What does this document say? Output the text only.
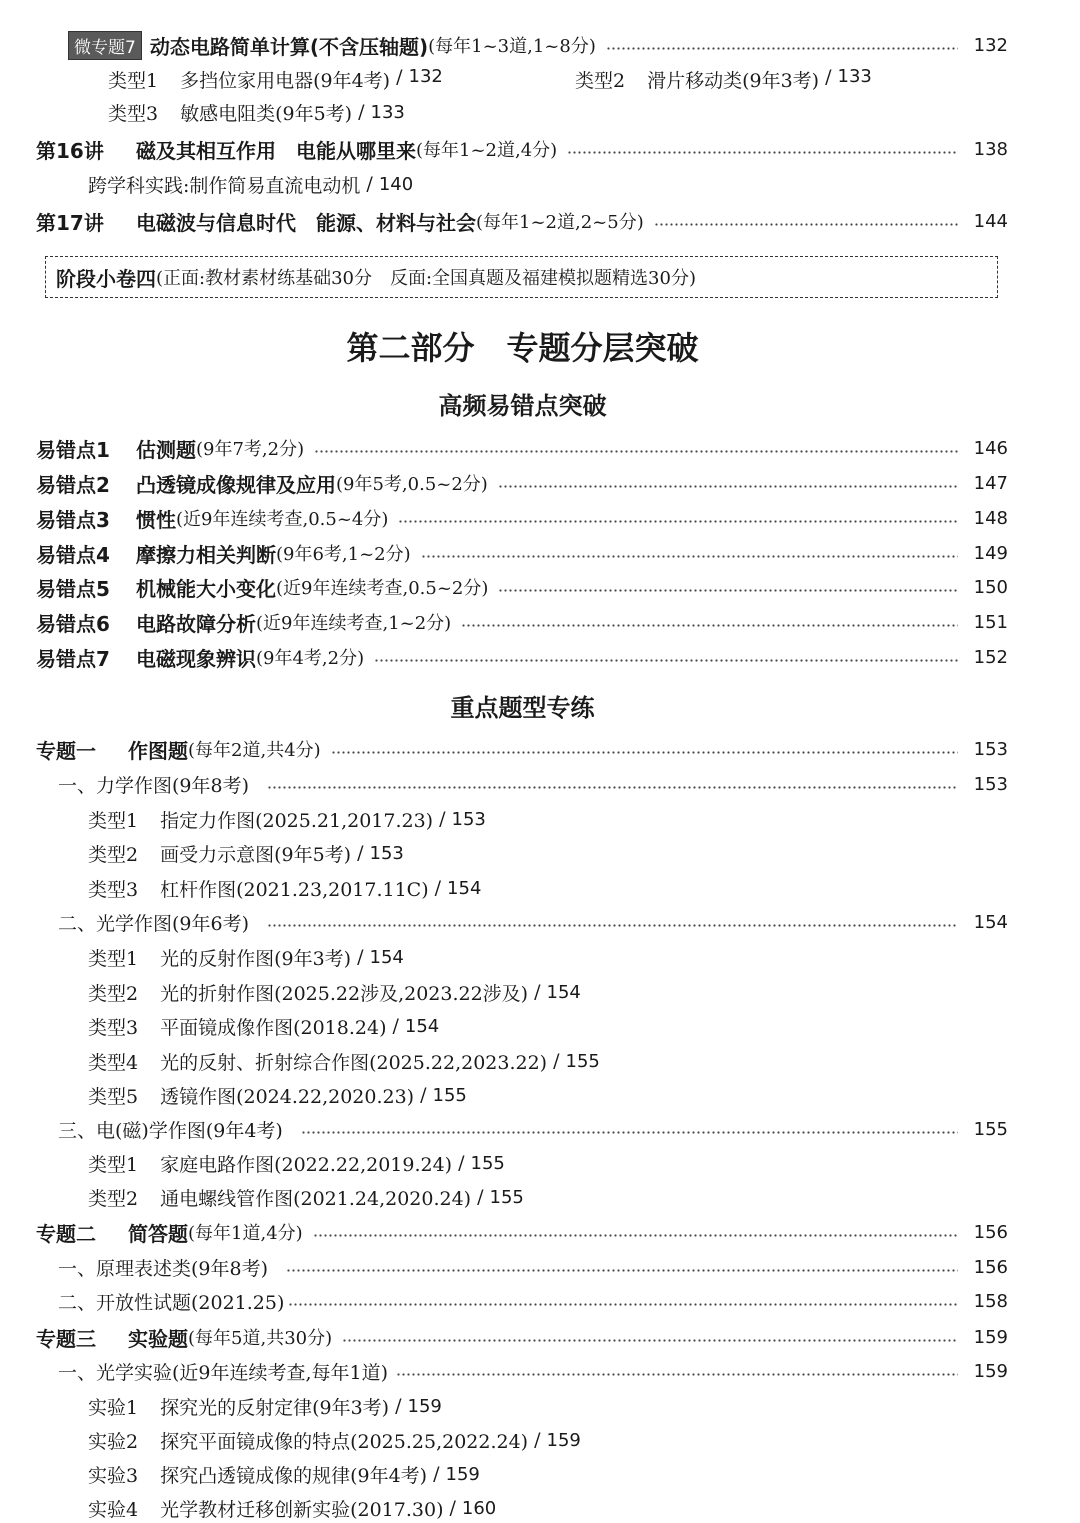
微专题7 动态电路简单计算(不含压轴题) (每年1~3道,1~8分)	132
类型1 多挡位家用电器(9年4考) / 132	类型2 滑片移动类(9年3考) / 133
类型3 敏感电阻类(9年5考) / 133
第16讲	磁及其相互作用　电能从哪里来 (每年1~2道,4分)	138
跨学科实践:制作简易直流电动机 / 140
第17讲	电磁波与信息时代　能源、材料与社会 (每年1~2道,2~5分)	144
阶段小卷四 (正面:教材素材练基础30分　反面:全国真题及福建模拟题精选30分)
第二部分　专题分层突破
高频易错点突破
易错点1	估测题 (9年7考,2分)	146
易错点2	凸透镜成像规律及应用 (9年5考,0.5~2分)	147
易错点3	惯性 (近9年连续考查,0.5~4分)	148
易错点4	摩擦力相关判断 (9年6考,1~2分)	149
易错点5	机械能大小变化 (近9年连续考查,0.5~2分)	150
易错点6	电路故障分析 (近9年连续考查,1~2分)	151
易错点7	电磁现象辨识 (9年4考,2分)	152
重点题型专练
专题一	作图题 (每年2道,共4分)	153
一、力学作图(9年8考)	153
类型1 指定力作图(2025.21,2017.23) / 153
类型2 画受力示意图(9年5考) / 153
类型3 杠杆作图(2021.23,2017.11C) / 154
二、光学作图(9年6考)	154
类型1 光的反射作图(9年3考) / 154
类型2 光的折射作图(2025.22涉及,2023.22涉及) / 154
类型3 平面镜成像作图(2018.24) / 154
类型4 光的反射、折射综合作图(2025.22,2023.22) / 155
类型5 透镜作图(2024.22,2020.23) / 155
三、电(磁)学作图(9年4考)	155
类型1 家庭电路作图(2022.22,2019.24) / 155
类型2 通电螺线管作图(2021.24,2020.24) / 155
专题二	简答题 (每年1道,4分)	156
一、原理表述类(9年8考)	156
二、开放性试题(2021.25)	158
专题三	实验题 (每年5道,共30分)	159
一、光学实验(近9年连续考查,每年1道)	159
实验1 探究光的反射定律(9年3考) / 159
实验2 探究平面镜成像的特点(2025.25,2022.24) / 159
实验3 探究凸透镜成像的规律(9年4考) / 159
实验4 光学教材迁移创新实验(2017.30) / 160
